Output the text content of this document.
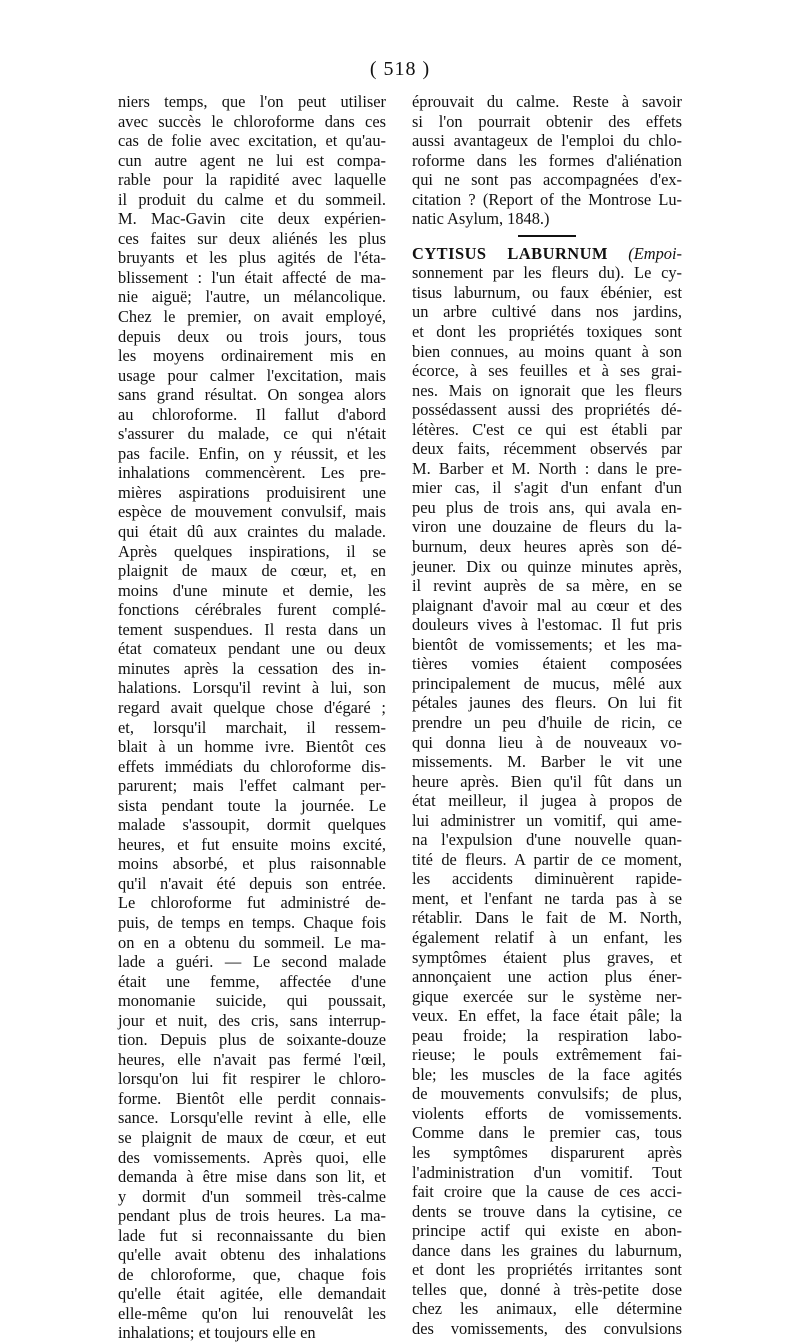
( 518 )
niers temps, que l'on peut utiliser
avec succès le chloroforme dans ces
cas de folie avec excitation, et qu'au-
cun autre agent ne lui est compa-
rable pour la rapidité avec laquelle
il produit du calme et du sommeil.
M. Mac-Gavin cite deux expérien-
ces faites sur deux aliénés les plus
bruyants et les plus agités de l'éta-
blissement : l'un était affecté de ma-
nie aiguë; l'autre, un mélancolique.
Chez le premier, on avait employé,
depuis deux ou trois jours, tous
les moyens ordinairement mis en
usage pour calmer l'excitation, mais
sans grand résultat. On songea alors
au chloroforme. Il fallut d'abord
s'assurer du malade, ce qui n'était
pas facile. Enfin, on y réussit, et les
inhalations commencèrent. Les pre-
mières aspirations produisirent une
espèce de mouvement convulsif, mais
qui était dû aux craintes du malade.
Après quelques inspirations, il se
plaignit de maux de cœur, et, en
moins d'une minute et demie, les
fonctions cérébrales furent complé-
tement suspendues. Il resta dans un
état comateux pendant une ou deux
minutes après la cessation des in-
halations. Lorsqu'il revint à lui, son
regard avait quelque chose d'égaré ;
et, lorsqu'il marchait, il ressem-
blait à un homme ivre. Bientôt ces
effets immédiats du chloroforme dis-
parurent; mais l'effet calmant per-
sista pendant toute la journée. Le
malade s'assoupit, dormit quelques
heures, et fut ensuite moins excité,
moins absorbé, et plus raisonnable
qu'il n'avait été depuis son entrée.
Le chloroforme fut administré de-
puis, de temps en temps. Chaque fois
on en a obtenu du sommeil. Le ma-
lade a guéri. — Le second malade
était une femme, affectée d'une
monomanie suicide, qui poussait,
jour et nuit, des cris, sans interrup-
tion. Depuis plus de soixante-douze
heures, elle n'avait pas fermé l'œil,
lorsqu'on lui fit respirer le chloro-
forme. Bientôt elle perdit connais-
sance. Lorsqu'elle revint à elle, elle
se plaignit de maux de cœur, et eut
des vomissements. Après quoi, elle
demanda à être mise dans son lit, et
y dormit d'un sommeil très-calme
pendant plus de trois heures. La ma-
lade fut si reconnaissante du bien
qu'elle avait obtenu des inhalations
de chloroforme, que, chaque fois
qu'elle était agitée, elle demandait
elle-même qu'on lui renouvelât les
inhalations; et toujours elle en
éprouvait du calme. Reste à savoir
si l'on pourrait obtenir des effets
aussi avantageux de l'emploi du chlo-
roforme dans les formes d'aliénation
qui ne sont pas accompagnées d'ex-
citation ? (Report of the Montrose Lu-
natic Asylum, 1848.)
CYTISUS LABURNUM (Empoi-
sonnement par les fleurs du). Le cy-
tisus laburnum, ou faux ébénier, est
un arbre cultivé dans nos jardins,
et dont les propriétés toxiques sont
bien connues, au moins quant à son
écorce, à ses feuilles et à ses grai-
nes. Mais on ignorait que les fleurs
possédassent aussi des propriétés dé-
létères. C'est ce qui est établi par
deux faits, récemment observés par
M. Barber et M. North : dans le pre-
mier cas, il s'agit d'un enfant d'un
peu plus de trois ans, qui avala en-
viron une douzaine de fleurs du la-
burnum, deux heures après son dé-
jeuner. Dix ou quinze minutes après,
il revint auprès de sa mère, en se
plaignant d'avoir mal au cœur et des
douleurs vives à l'estomac. Il fut pris
bientôt de vomissements; et les ma-
tières vomies étaient composées
principalement de mucus, mêlé aux
pétales jaunes des fleurs. On lui fit
prendre un peu d'huile de ricin, ce
qui donna lieu à de nouveaux vo-
missements. M. Barber le vit une
heure après. Bien qu'il fût dans un
état meilleur, il jugea à propos de
lui administrer un vomitif, qui ame-
na l'expulsion d'une nouvelle quan-
tité de fleurs. A partir de ce moment,
les accidents diminuèrent rapide-
ment, et l'enfant ne tarda pas à se
rétablir. Dans le fait de M. North,
également relatif à un enfant, les
symptômes étaient plus graves, et
annonçaient une action plus éner-
gique exercée sur le système ner-
veux. En effet, la face était pâle; la
peau froide; la respiration labo-
rieuse; le pouls extrêmement fai-
ble; les muscles de la face agités
de mouvements convulsifs; de plus,
violents efforts de vomissements.
Comme dans le premier cas, tous
les symptômes disparurent après
l'administration d'un vomitif. Tout
fait croire que la cause de ces acci-
dents se trouve dans la cytisine, ce
principe actif qui existe en abon-
dance dans les graines du laburnum,
et dont les propriétés irritantes sont
telles que, donné à très-petite dose
chez les animaux, elle détermine
des vomissements, des convulsions
